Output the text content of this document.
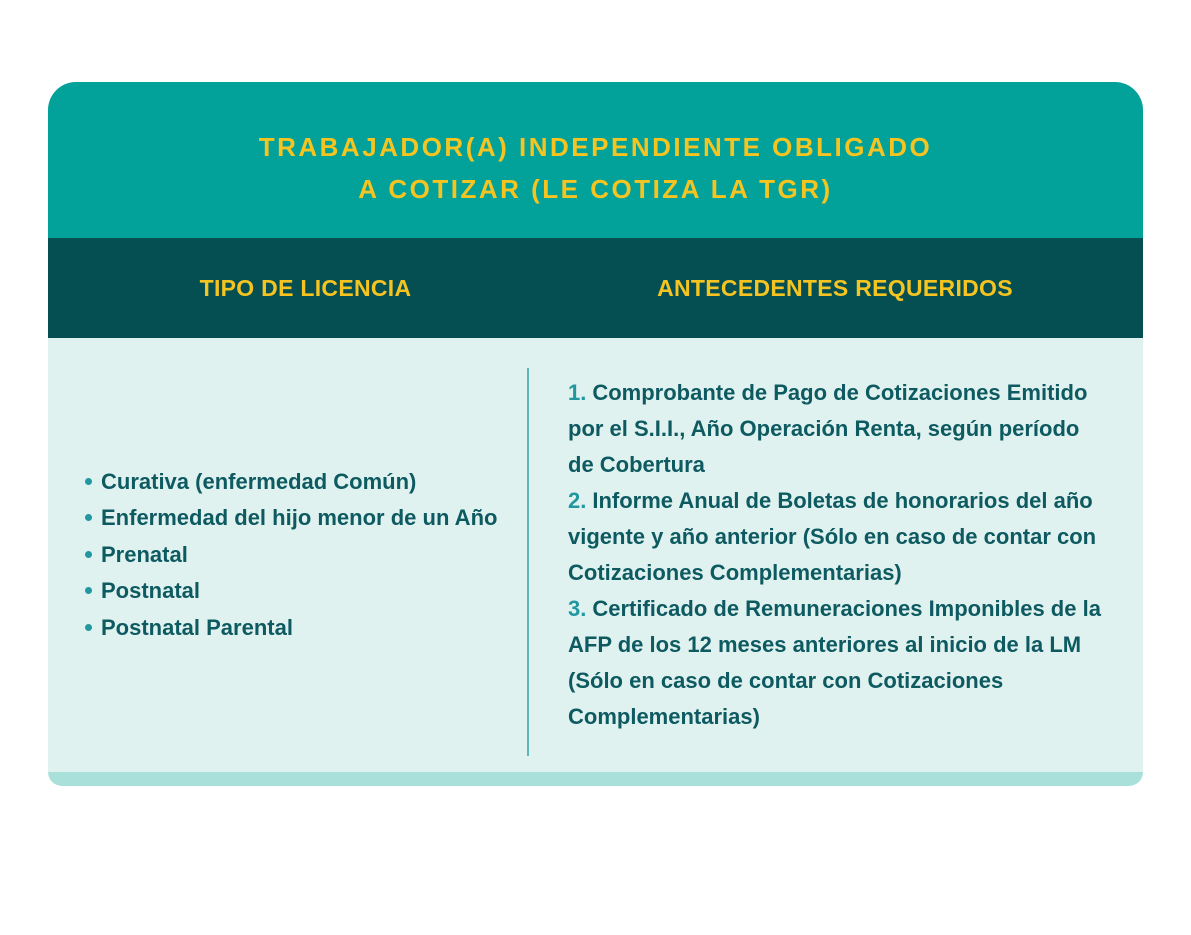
TRABAJADOR(A) INDEPENDIENTE OBLIGADO
A COTIZAR (LE COTIZA LA TGR)
TIPO DE LICENCIA	ANTECEDENTES REQUERIDOS
Curativa (enfermedad Común)
Enfermedad del hijo menor de un Año
Prenatal
Postnatal
Postnatal Parental
1. Comprobante de Pago de Cotizaciones Emitido por el S.I.I., Año Operación Renta, según período de Cobertura
2. Informe Anual de Boletas de honorarios del año vigente y año anterior (Sólo en caso de contar con Cotizaciones Complementarias)
3. Certificado de Remuneraciones Imponibles de la AFP de los 12 meses anteriores al inicio de la LM (Sólo en caso de contar con Cotizaciones Complementarias)
